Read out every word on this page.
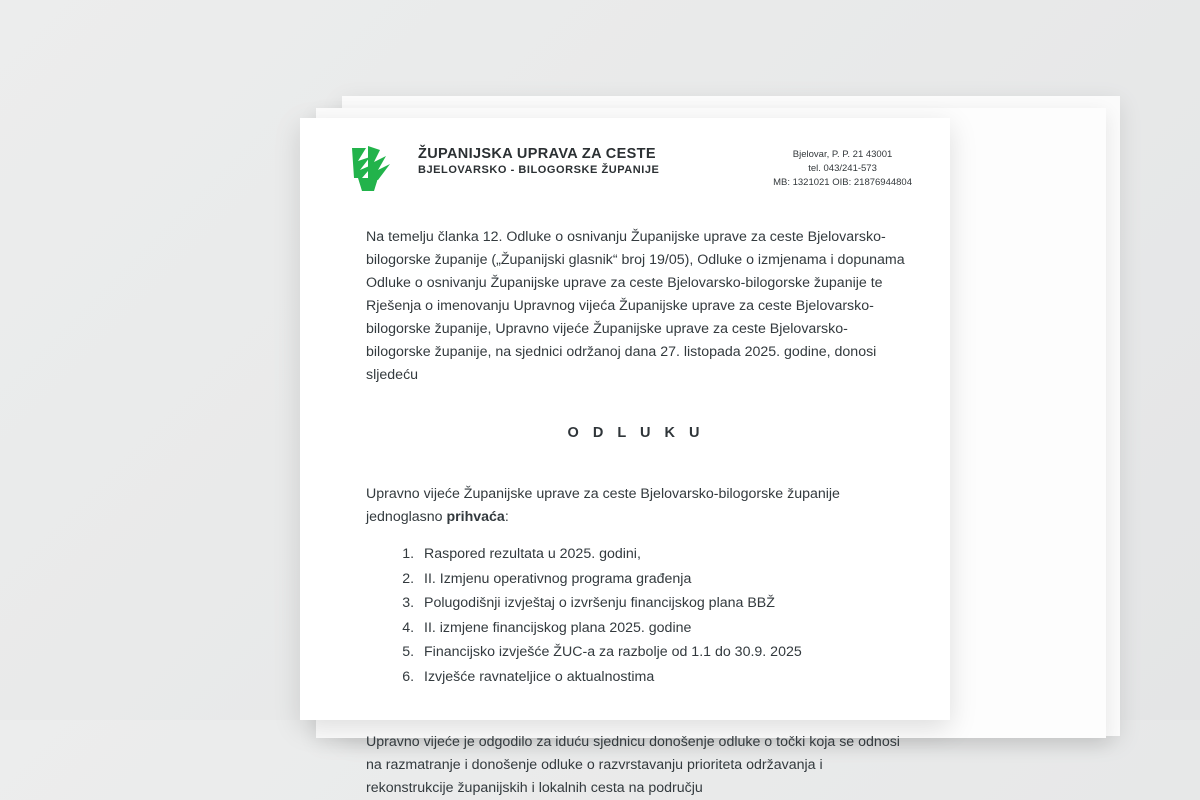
ŽUPANIJSKA UPRAVA ZA CESTE
BJELOVARSKO - BILOGORSKE ŽUPANIJE
Bjelovar, P. P. 21 43001
tel. 043/241-573
MB: 1321021 OIB: 21876944804

Na temelju članka 12. Odluke o osnivanju Županijske uprave za ceste Bjelovarsko-bilogorske županije („Županijski glasnik“ broj 19/05), Odluke o izmjenama i dopunama Odluke o osnivanju Županijske uprave za ceste Bjelovarsko-bilogorske županije te Rješenja o imenovanju Upravnog vijeća Županijske uprave za ceste Bjelovarsko-bilogorske županije, Upravno vijeće Županijske uprave za ceste Bjelovarsko-bilogorske županije, na sjednici održanoj dana 27. listopada 2025. godine, donosi sljedeću

O D L U K U

Upravno vijeće Županijske uprave za ceste Bjelovarsko-bilogorske županije jednoglasno prihvaća:

1. Raspored rezultata u 2025. godini,
2. II. Izmjenu operativnog programa građenja
3. Polugodišnji izvještaj o izvršenju financijskog plana BBŽ
4. II. izmjene financijskog plana 2025. godine
5. Financijsko izvješće ŽUC-a za razbolje od 1.1 do 30.9. 2025
6. Izvješće ravnateljice o aktualnostima

Upravno vijeće je odgodilo za iduću sjednicu donošenje odluke o točki koja se odnosi na razmatranje i donošenje odluke o razvrstavanju prioriteta održavanja i rekonstrukcije županijskih i lokalnih cesta na području
